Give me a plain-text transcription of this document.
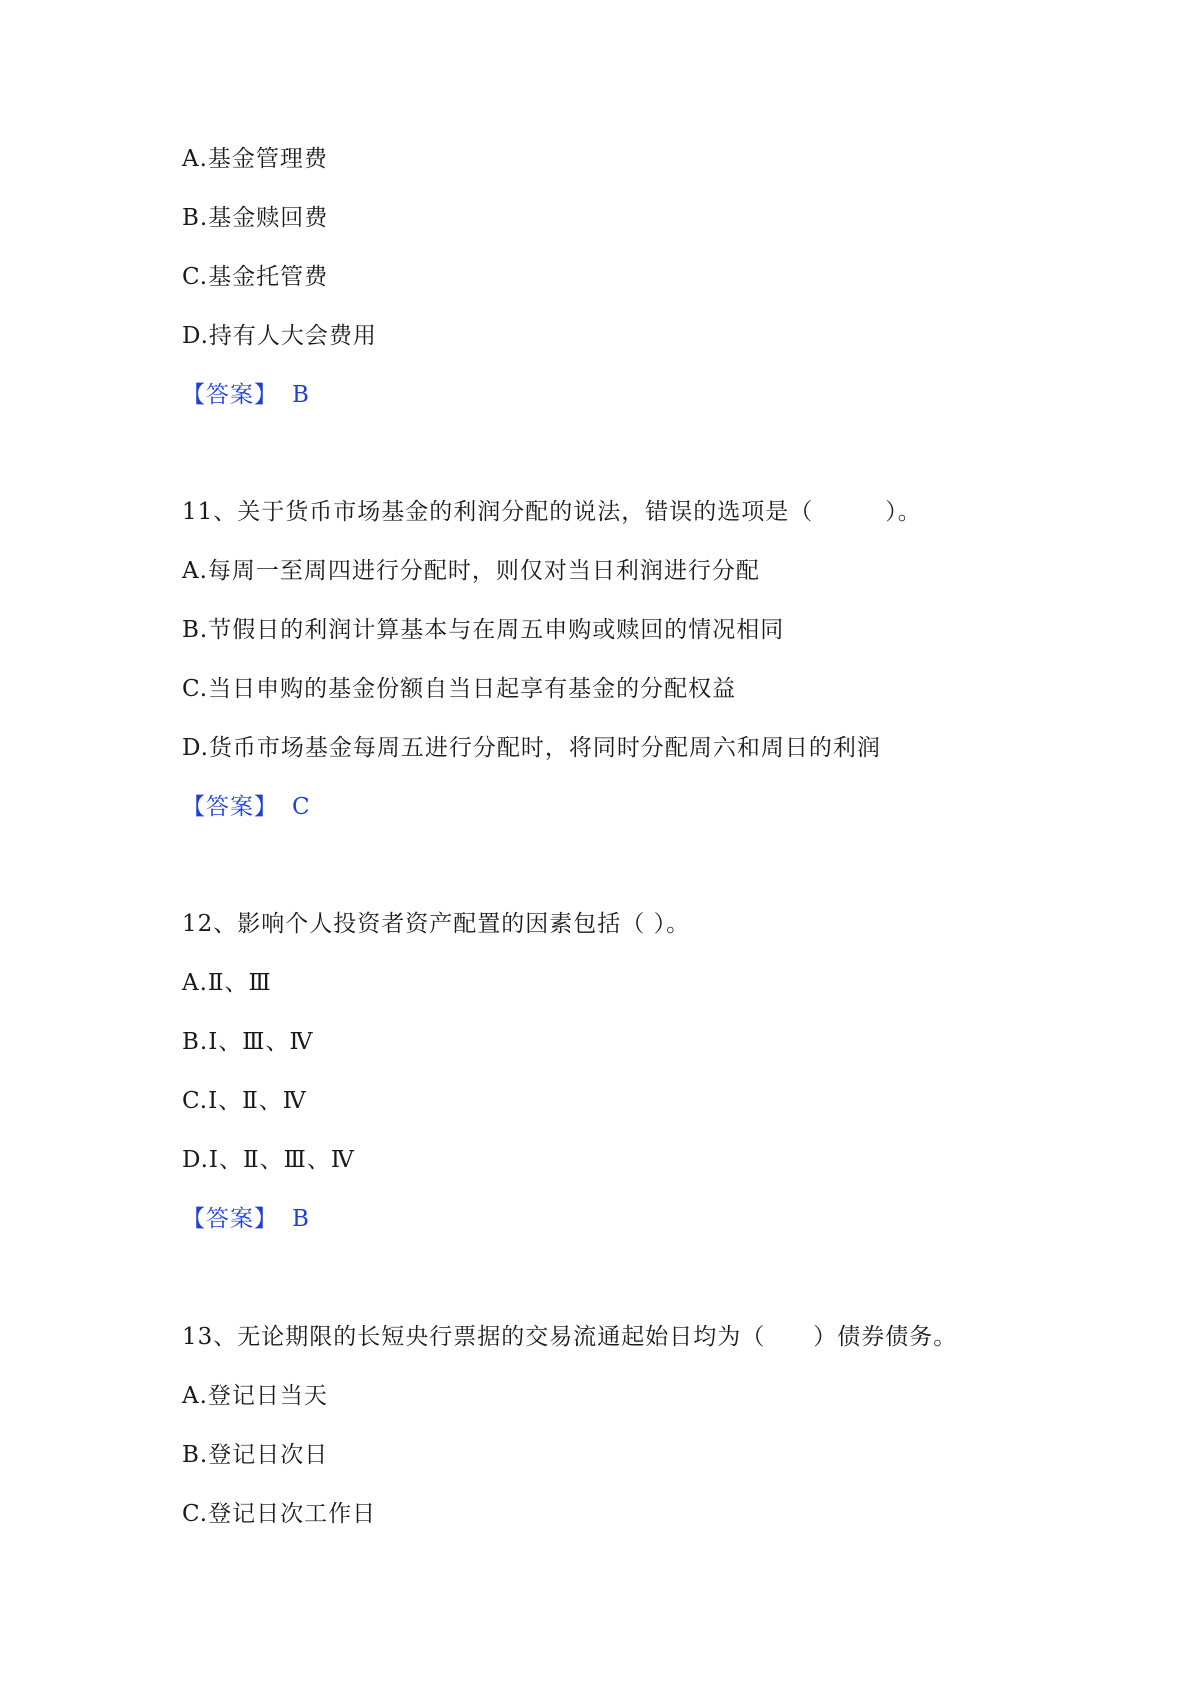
A.基金管理费
B.基金赎回费
C.基金托管费
D.持有人大会费用
【答案】 B
11、关于货币市场基金的利润分配的说法，错误的选项是（　　　）。
A.每周一至周四进行分配时，则仅对当日利润进行分配
B.节假日的利润计算基本与在周五申购或赎回的情况相同
C.当日申购的基金份额自当日起享有基金的分配权益
D.货币市场基金每周五进行分配时，将同时分配周六和周日的利润
【答案】 C
12、影响个人投资者资产配置的因素包括（ ）。
A.Ⅱ、Ⅲ
B.Ⅰ、Ⅲ、Ⅳ
C.Ⅰ、Ⅱ、Ⅳ
D.Ⅰ、Ⅱ、Ⅲ、Ⅳ
【答案】 B
13、无论期限的长短央行票据的交易流通起始日均为（　　）债券债务。
A.登记日当天
B.登记日次日
C.登记日次工作日
